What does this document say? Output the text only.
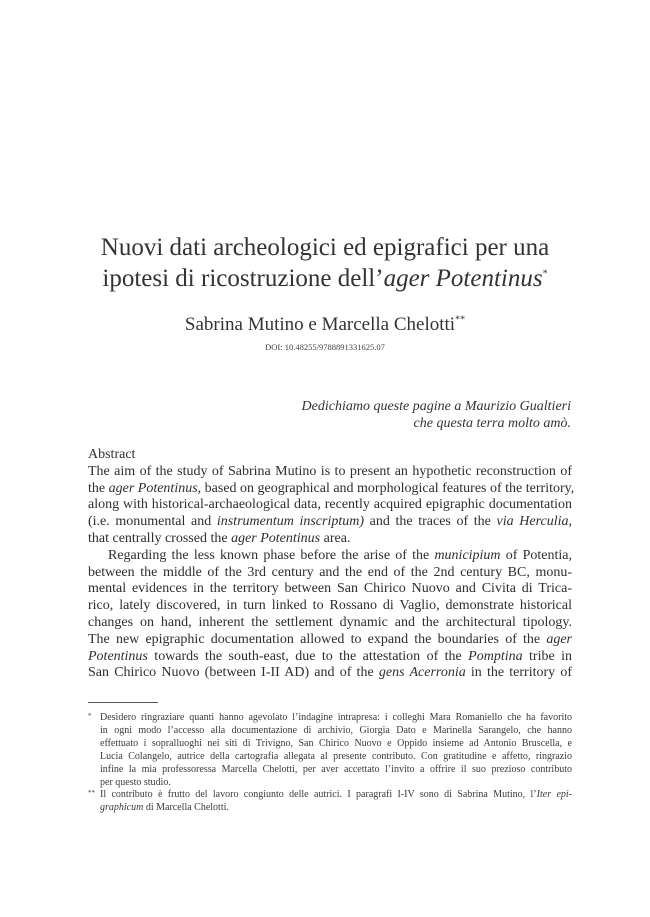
Nuovi dati archeologici ed epigrafici per una
ipotesi di ricostruzione dell’ager Potentinus*
Sabrina Mutino e Marcella Chelotti**
DOI: 10.48255/9788891331625.07
Dedichiamo queste pagine a Maurizio Gualtieri
che questa terra molto amò.

Abstract

The aim of the study of Sabrina Mutino is to present an hypothetic reconstruction of
the ager Potentinus, based on geographical and morphological features of the territory,
along with historical-archaeological data, recently acquired epigraphic documentation
(i.e. monumental and instrumentum inscriptum) and the traces of the via Herculia,
that centrally crossed the ager Potentinus area.

Regarding the less known phase before the arise of the municipium of Potentia,
between the middle of the 3rd century and the end of the 2nd century BC, monu-
mental evidences in the territory between San Chirico Nuovo and Civita di Trica-
rico, lately discovered, in turn linked to Rossano di Vaglio, demonstrate historical
changes on hand, inherent the settlement dynamic and the architectural tipology.
The new epigraphic documentation allowed to expand the boundaries of the ager
Potentinus towards the south-east, due to the attestation of the Pomptina tribe in
San Chirico Nuovo (between I-II AD) and of the gens Acerronia in the territory of

* Desidero ringraziare quanti hanno agevolato l’indagine intrapresa: i colleghi Mara Romaniello che ha favorito
in ogni modo l’accesso alla documentazione di archivio, Giorgia Dato e Marinella Sarangelo, che hanno
effettuato i sopralluoghi nei siti di Trivigno, San Chirico Nuovo e Oppido insieme ad Antonio Bruscella, e
Lucia Colangelo, autrice della cartografia allegata al presente contributo. Con gratitudine e affetto, ringrazio
infine la mia professoressa Marcella Chelotti, per aver accettato l’invito a offrire il suo prezioso contributo
per questo studio.
** Il contributo è frutto del lavoro congiunto delle autrici. I paragrafi I-IV sono di Sabrina Mutino, l’Iter epi-
graphicum di Marcella Chelotti.
